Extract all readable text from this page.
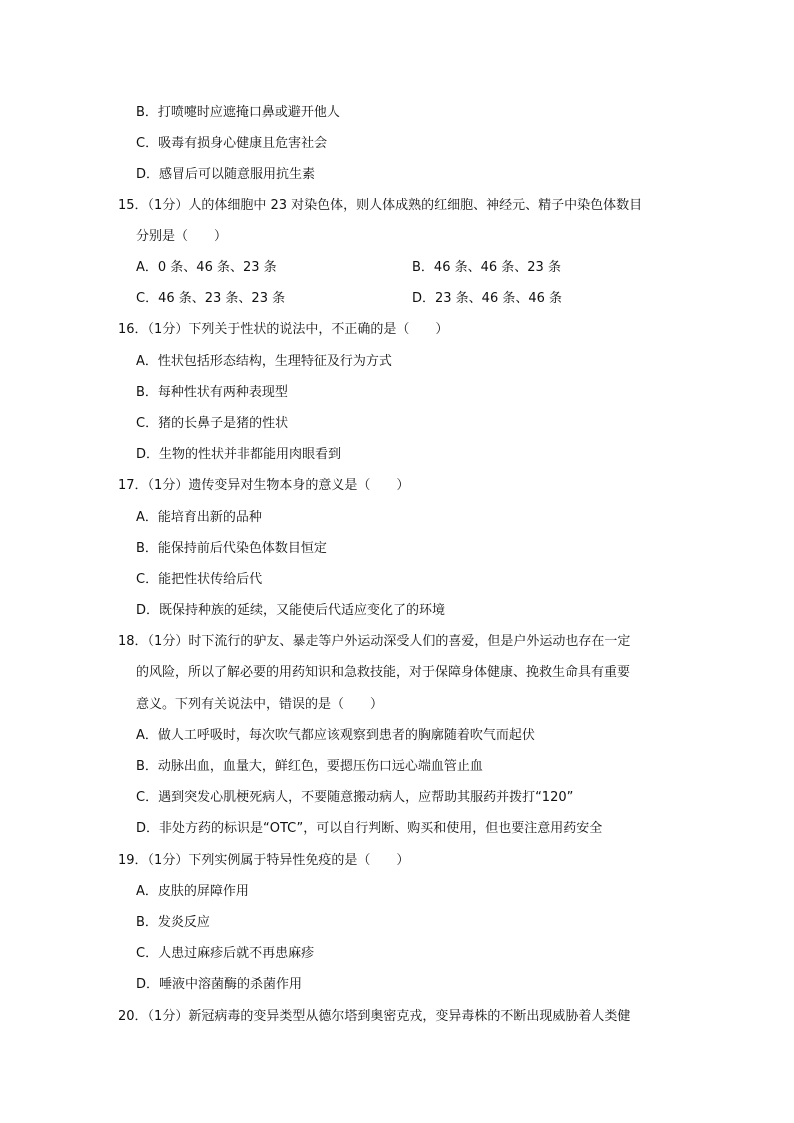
B．打喷嚏时应遮掩口鼻或避开他人
C．吸毒有损身心健康且危害社会
D．感冒后可以随意服用抗生素
15．（1分）人的体细胞中 23 对染色体，则人体成熟的红细胞、神经元、精子中染色体数目
分别是（　　）
A．0 条、46 条、23 条	B．46 条、46 条、23 条
C．46 条、23 条、23 条	D．23 条、46 条、46 条
16．（1分）下列关于性状的说法中，不正确的是（　　）
A．性状包括形态结构，生理特征及行为方式
B．每种性状有两种表现型
C．猪的长鼻子是猪的性状
D．生物的性状并非都能用肉眼看到
17．（1分）遗传变异对生物本身的意义是（　　）
A．能培育出新的品种
B．能保持前后代染色体数目恒定
C．能把性状传给后代
D．既保持种族的延续，又能使后代适应变化了的环境
18．（1分）时下流行的驴友、暴走等户外运动深受人们的喜爱，但是户外运动也存在一定
的风险，所以了解必要的用药知识和急救技能，对于保障身体健康、挽救生命具有重要
意义。下列有关说法中，错误的是（　　）
A．做人工呼吸时，每次吹气都应该观察到患者的胸廓随着吹气而起伏
B．动脉出血，血量大，鲜红色，要摁压伤口远心端血管止血
C．遇到突发心肌梗死病人，不要随意搬动病人，应帮助其服药并拨打“120”
D．非处方药的标识是“OTC”，可以自行判断、购买和使用，但也要注意用药安全
19．（1分）下列实例属于特异性免疫的是（　　）
A．皮肤的屏障作用
B．发炎反应
C．人患过麻疹后就不再患麻疹
D．唾液中溶菌酶的杀菌作用
20．（1分）新冠病毒的变异类型从德尔塔到奥密克戎，变异毒株的不断出现威胁着人类健
